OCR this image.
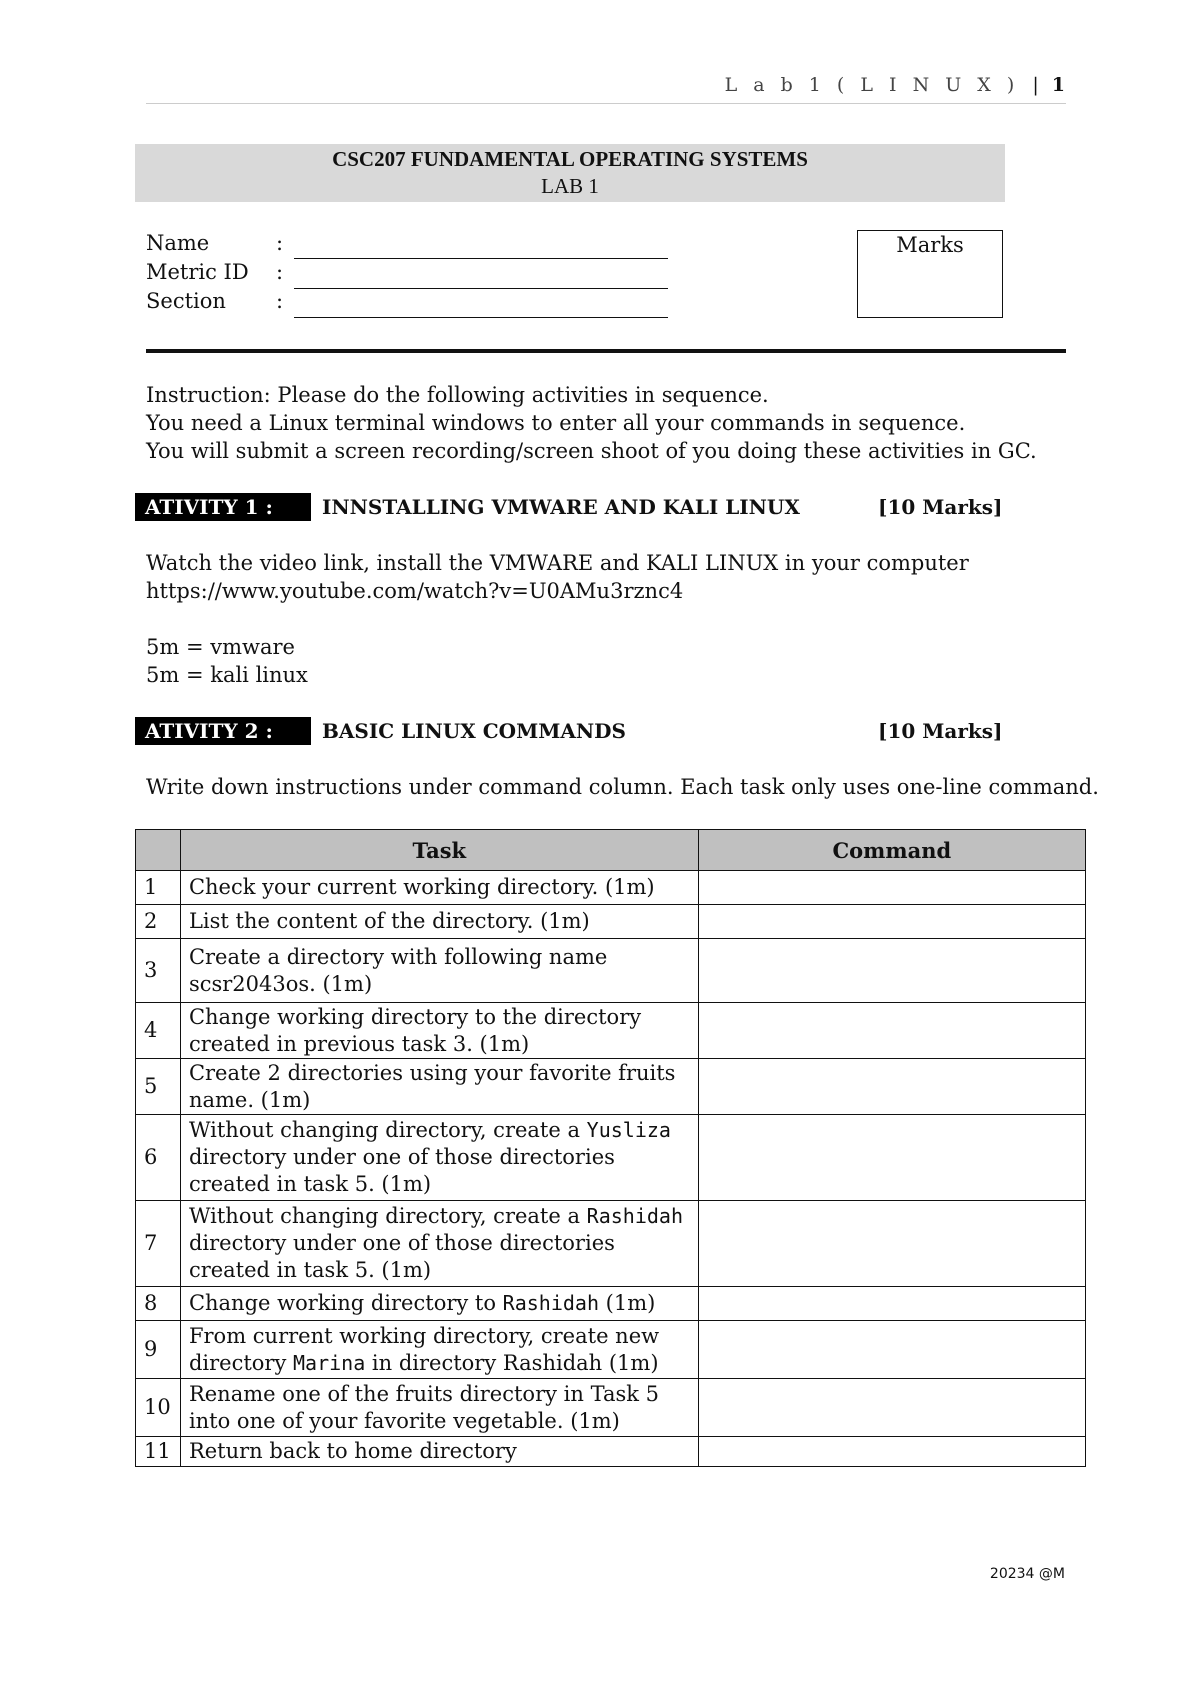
L a b 1 ( L I N U X ) | 1
CSC207 FUNDAMENTAL OPERATING SYSTEMS
LAB 1
Name	:
Metric ID :
Section :
Marks
Instruction: Please do the following activities in sequence.
You need a Linux terminal windows to enter all your commands in sequence.
You will submit a screen recording/screen shoot of you doing these activities in GC.
ATIVITY 1 :	INNSTALLING VMWARE AND KALI LINUX	[10 Marks]
Watch the video link, install the VMWARE and KALI LINUX in your computer
https://www.youtube.com/watch?v=U0AMu3rznc4
5m = vmware
5m = kali linux
ATIVITY 2 :	BASIC LINUX COMMANDS	[10 Marks]
Write down instructions under command column. Each task only uses one-line command.
	Task	Command
1	Check your current working directory. (1m)	
2	List the content of the directory. (1m)	
3	Create a directory with following name scsr2043os. (1m)	
4	Change working directory to the directory created in previous task 3. (1m)	
5	Create 2 directories using your favorite fruits name. (1m)	
6	Without changing directory, create a Yusliza directory under one of those directories created in task 5. (1m)	
7	Without changing directory, create a Rashidah directory under one of those directories created in task 5. (1m)	
8	Change working directory to Rashidah (1m)	
9	From current working directory, create new directory Marina in directory Rashidah (1m)	
10	Rename one of the fruits directory in Task 5 into one of your favorite vegetable. (1m)	
11	Return back to home directory	
20234 @M
